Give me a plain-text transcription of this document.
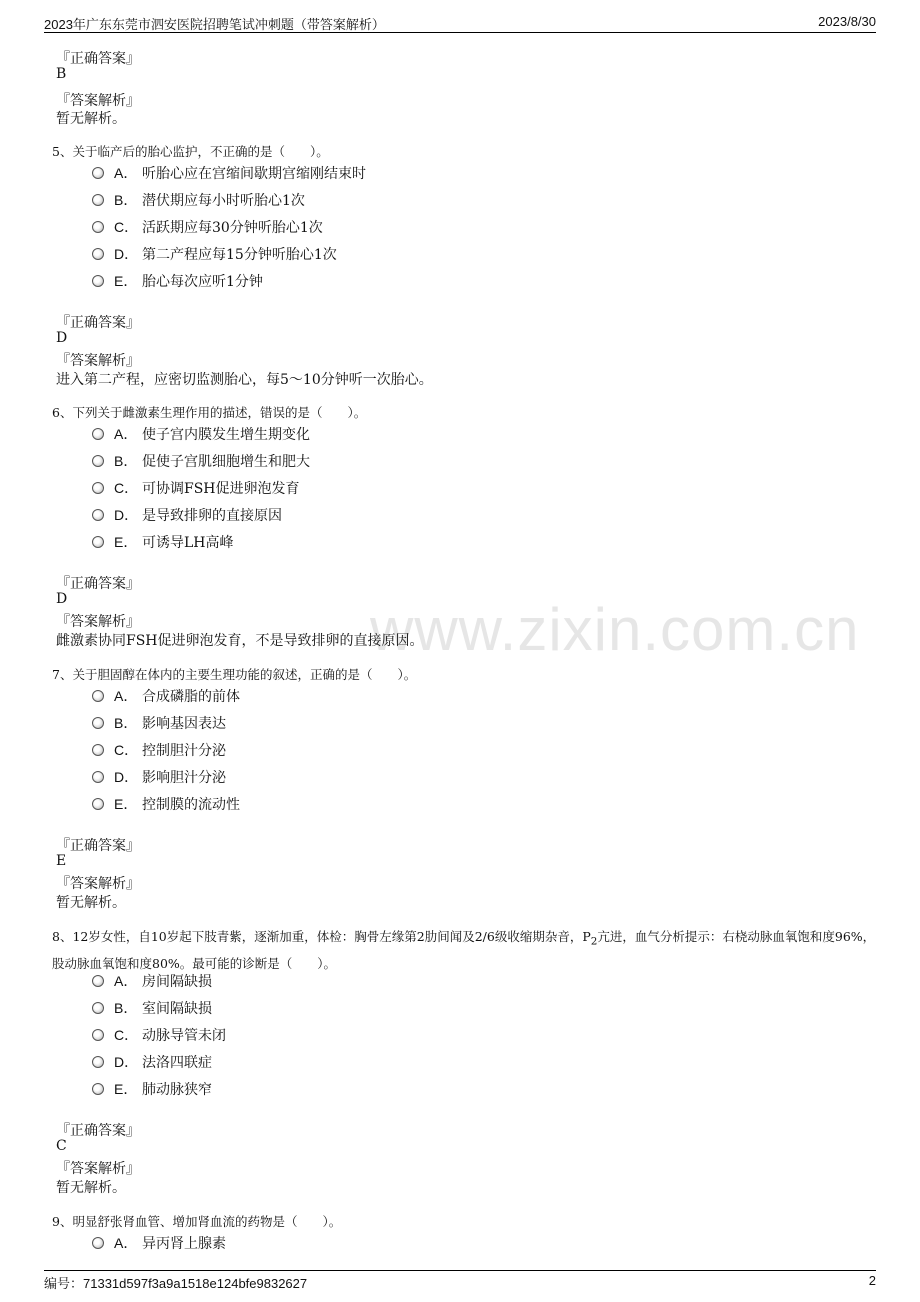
2023年广东东莞市泗安医院招聘笔试冲刺题（带答案解析）	2023/8/30
www.zixin.com.cn
『正确答案』
B
『答案解析』
暂无解析。
5、关于临产后的胎心监护，不正确的是（　　）。
A． 听胎心应在宫缩间歇期宫缩刚结束时
B． 潜伏期应每小时听胎心1次
C． 活跃期应每30分钟听胎心1次
D． 第二产程应每15分钟听胎心1次
E． 胎心每次应听1分钟
『正确答案』
D
『答案解析』
进入第二产程，应密切监测胎心，每5～10分钟听一次胎心。
6、下列关于雌激素生理作用的描述，错误的是（　　）。
A． 使子宫内膜发生增生期变化
B． 促使子宫肌细胞增生和肥大
C． 可协调FSH促进卵泡发育
D． 是导致排卵的直接原因
E． 可诱导LH高峰
『正确答案』
D
『答案解析』
雌激素协同FSH促进卵泡发育，不是导致排卵的直接原因。
7、关于胆固醇在体内的主要生理功能的叙述，正确的是（　　）。
A． 合成磷脂的前体
B． 影响基因表达
C． 控制胆汁分泌
D． 影响胆汁分泌
E． 控制膜的流动性
『正确答案』
E
『答案解析』
暂无解析。
8、12岁女性，自10岁起下肢青紫，逐渐加重，体检：胸骨左缘第2肋间闻及2/6级收缩期杂音，$P_2$亢进，血气分析提示：右桡动脉血氧饱和度96%，股动脉血氧饱和度80%。最可能的诊断是（　　）。
A． 房间隔缺损
B． 室间隔缺损
C． 动脉导管未闭
D． 法洛四联症
E． 肺动脉狭窄
『正确答案』
C
『答案解析』
暂无解析。
9、明显舒张肾血管、增加肾血流的药物是（　　）。
A． 异丙肾上腺素
编号：71331d597f3a9a1518e124bfe9832627	2
